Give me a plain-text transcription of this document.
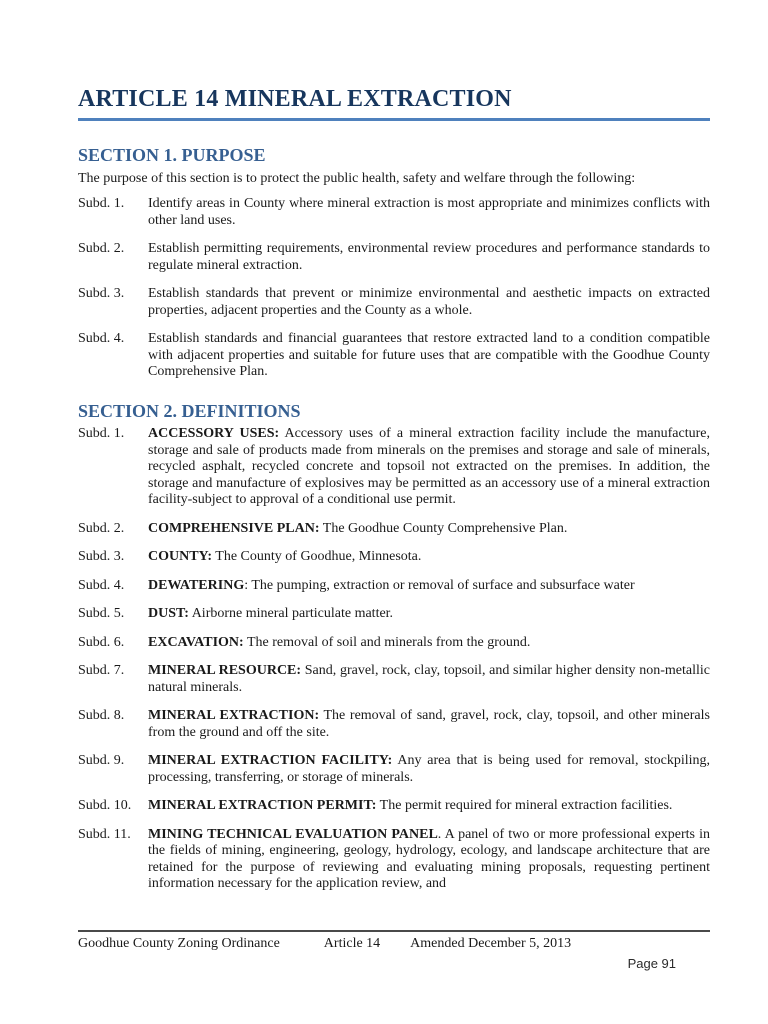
ARTICLE 14 MINERAL EXTRACTION
SECTION 1. PURPOSE

The purpose of this section is to protect the public health, safety and welfare through the following:

Subd. 1.	Identify areas in County where mineral extraction is most appropriate and minimizes conflicts with other land uses.

Subd. 2.	Establish permitting requirements, environmental review procedures and performance standards to regulate mineral extraction.

Subd. 3.	Establish standards that prevent or minimize environmental and aesthetic impacts on extracted properties, adjacent properties and the County as a whole.

Subd. 4.	Establish standards and financial guarantees that restore extracted land to a condition compatible with adjacent properties and suitable for future uses that are compatible with the Goodhue County Comprehensive Plan.

SECTION 2. DEFINITIONS
Subd. 1.	ACCESSORY USES: Accessory uses of a mineral extraction facility include the manufacture, storage and sale of products made from minerals on the premises and storage and sale of minerals, recycled asphalt, recycled concrete and topsoil not extracted on the premises. In addition, the storage and manufacture of explosives may be permitted as an accessory use of a mineral extraction facility-subject to approval of a conditional use permit.

Subd. 2.	COMPREHENSIVE PLAN: The Goodhue County Comprehensive Plan.

Subd. 3.	COUNTY: The County of Goodhue, Minnesota.

Subd. 4.	DEWATERING: The pumping, extraction or removal of surface and subsurface water

Subd. 5.	DUST: Airborne mineral particulate matter.

Subd. 6.	EXCAVATION: The removal of soil and minerals from the ground.

Subd. 7.	MINERAL RESOURCE: Sand, gravel, rock, clay, topsoil, and similar higher density non-metallic natural minerals.

Subd. 8.	MINERAL EXTRACTION: The removal of sand, gravel, rock, clay, topsoil, and other minerals from the ground and off the site.

Subd. 9.	MINERAL EXTRACTION FACILITY: Any area that is being used for removal, stockpiling, processing, transferring, or storage of minerals.

Subd. 10.	MINERAL EXTRACTION PERMIT: The permit required for mineral extraction facilities.

Subd. 11.	MINING TECHNICAL EVALUATION PANEL. A panel of two or more professional experts in the fields of mining, engineering, geology, hydrology, ecology, and landscape architecture that are retained for the purpose of reviewing and evaluating mining proposals, requesting pertinent information necessary for the application review, and

Goodhue County Zoning Ordinance	Article 14 Amended December 5, 2013
Page 91
